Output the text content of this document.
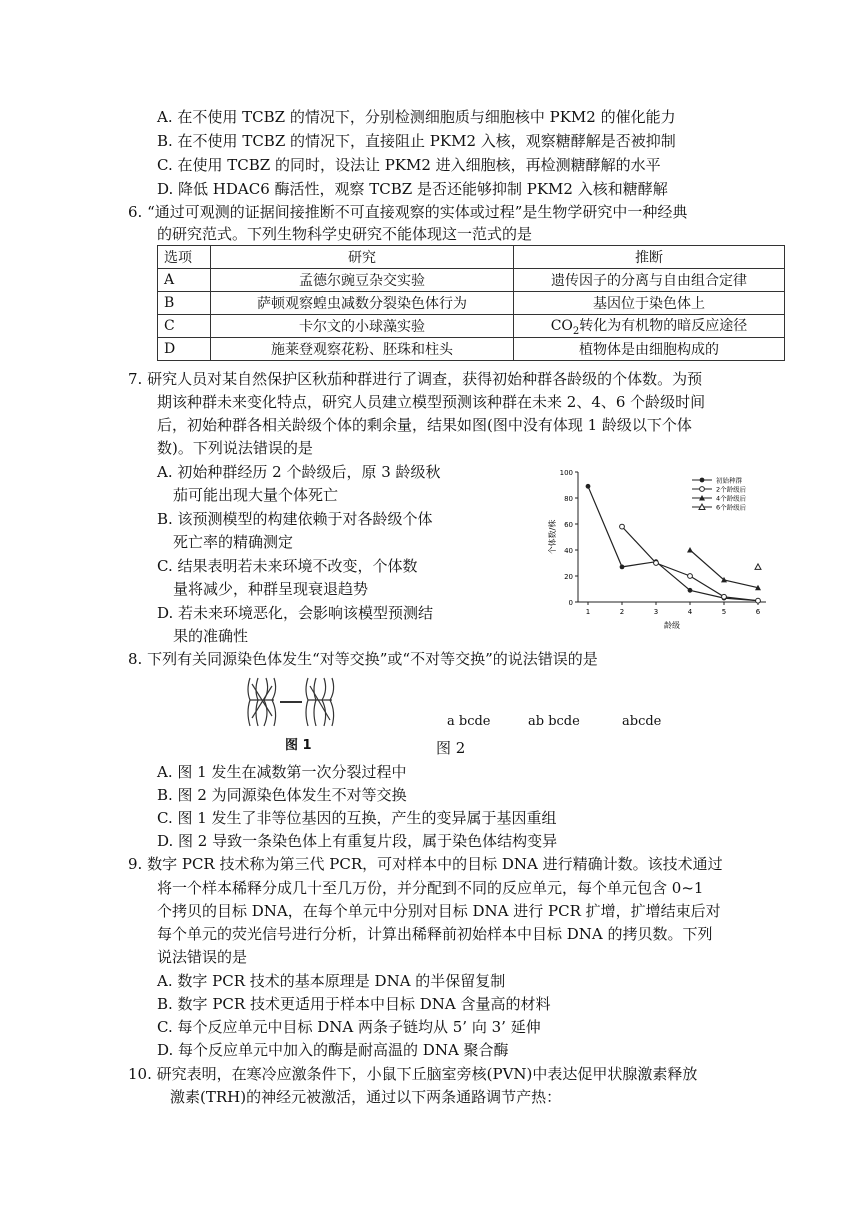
A. 在不使用 TCBZ 的情况下，分别检测细胞质与细胞核中 PKM2 的催化能力
B. 在不使用 TCBZ 的情况下，直接阻止 PKM2 入核，观察糖酵解是否被抑制
C. 在使用 TCBZ 的同时，设法让 PKM2 进入细胞核，再检测糖酵解的水平
D. 降低 HDAC6 酶活性，观察 TCBZ 是否还能够抑制 PKM2 入核和糖酵解
6. “通过可观测的证据间接推断不可直接观察的实体或过程”是生物学研究中一种经典
的研究范式。下列生物科学史研究不能体现这一范式的是
选项	研究	推断
A	孟德尔豌豆杂交实验	遗传因子的分离与自由组合定律
B	萨顿观察蝗虫减数分裂染色体行为	基因位于染色体上
C	卡尔文的小球藻实验	$CO_2$转化为有机物的暗反应途径
D	施莱登观察花粉、胚珠和柱头	植物体是由细胞构成的
7. 研究人员对某自然保护区秋茄种群进行了调查，获得初始种群各龄级的个体数。为预
期该种群未来变化特点，研究人员建立模型预测该种群在未来 2、4、6 个龄级时间
后，初始种群各相关龄级个体的剩余量，结果如图(图中没有体现 1 龄级以下个体
数)。下列说法错误的是
A. 初始种群经历 2 个龄级后，原 3 龄级秋
茄可能出现大量个体死亡
B. 该预测模型的构建依赖于对各龄级个体
死亡率的精确测定
C. 结果表明若未来环境不改变，个体数
量将减少，种群呈现衰退趋势
D. 若未来环境恶化，会影响该模型预测结
果的准确性
0
20
40
60
80
100
1	2	3	4	5	6
个体数/株
龄级
初始种群
2个龄级后
4个龄级后
6个龄级后
8. 下列有关同源染色体发生“对等交换”或“不对等交换”的说法错误的是
图 1
a bcde	ab bcde	abcde
图 2
A. 图 1 发生在减数第一次分裂过程中
B. 图 2 为同源染色体发生不对等交换
C. 图 1 发生了非等位基因的互换，产生的变异属于基因重组
D. 图 2 导致一条染色体上有重复片段，属于染色体结构变异
9. 数字 PCR 技术称为第三代 PCR，可对样本中的目标 DNA 进行精确计数。该技术通过
将一个样本稀释分成几十至几万份，并分配到不同的反应单元，每个单元包含 0~1
个拷贝的目标 DNA，在每个单元中分别对目标 DNA 进行 PCR 扩增，扩增结束后对
每个单元的荧光信号进行分析，计算出稀释前初始样本中目标 DNA 的拷贝数。下列
说法错误的是
A. 数字 PCR 技术的基本原理是 DNA 的半保留复制
B. 数字 PCR 技术更适用于样本中目标 DNA 含量高的材料
C. 每个反应单元中目标 DNA 两条子链均从 5’ 向 3’ 延伸
D. 每个反应单元中加入的酶是耐高温的 DNA 聚合酶
10. 研究表明，在寒冷应激条件下，小鼠下丘脑室旁核(PVN)中表达促甲状腺激素释放
激素(TRH)的神经元被激活，通过以下两条通路调节产热：
